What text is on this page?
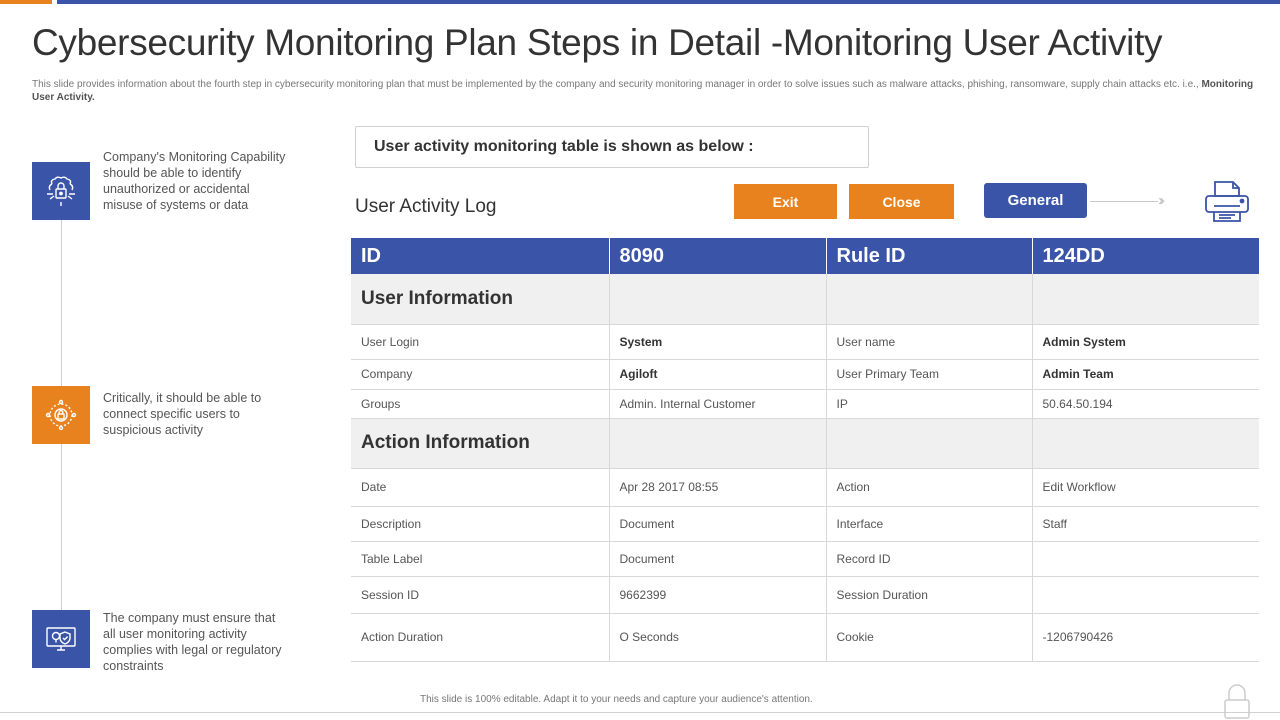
Cybersecurity Monitoring Plan Steps in Detail -Monitoring User Activity

This slide provides information about the fourth step in cybersecurity monitoring plan that must be implemented by the company and security monitoring manager in order to solve issues such as malware attacks, phishing, ransomware, supply chain attacks etc. i.e., Monitoring User Activity.

Company's Monitoring Capability should be able to identify unauthorized or accidental misuse of systems or data
Critically, it should be able to connect specific users to suspicious activity
The company must ensure that all user monitoring activity complies with legal or regulatory constraints
User activity monitoring table is shown as below :
User Activity Log	Exit	Close	General	›››
ID	8090	Rule ID	124DD
User Information			
User Login	System	User name	Admin System
Company	Agiloft	User Primary Team	Admin Team
Groups	Admin. Internal Customer	IP	50.64.50.194
Action Information			
Date	Apr 28 2017 08:55	Action	Edit Workflow
Description	Document	Interface	Staff
Table Label	Document	Record ID	
Session ID	9662399	Session Duration	
Action Duration	O Seconds	Cookie	-1206790426
This slide is 100% editable. Adapt it to your needs and capture your audience's attention.
